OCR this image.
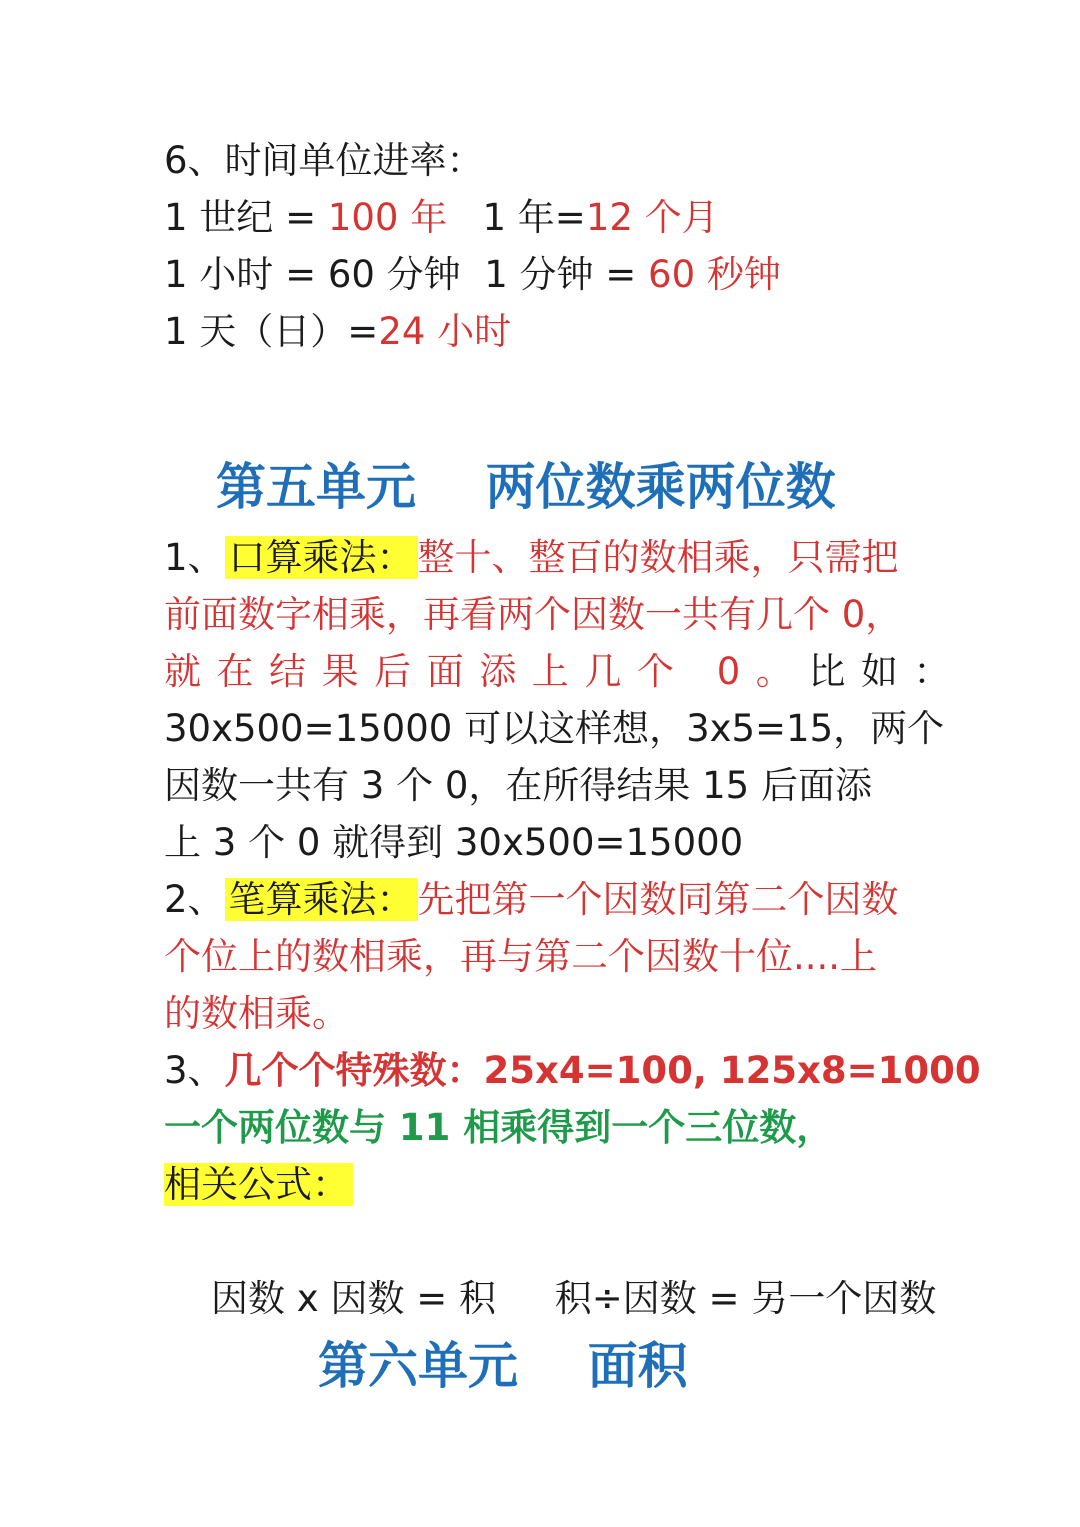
6、时间单位进率：
1 世纪 = 100 年   1 年=12 个月
1 小时 = 60 分钟  1 分钟 = 60 秒钟
1 天（日）=24 小时
第五单元    两位数乘两位数
1、 口算乘法： 整十、整百的数相乘，只需把
前面数字相乘，再看两个因数一共有几个 0，
就在结果后面添上几个 0。比如：
30x500=15000 可以这样想，3x5=15，两个
因数一共有 3 个 0，在所得结果 15 后面添
上 3 个 0 就得到 30x500=15000
2、 笔算乘法： 先把第一个因数同第二个因数
个位上的数相乘，再与第二个因数十位....上
的数相乘。
3、几个个特殊数：25x4=100, 125x8=1000
一个两位数与 11 相乘得到一个三位数，
相关公式：

因数 x 因数 = 积     积÷因数 = 另一个因数

第六单元    面积
